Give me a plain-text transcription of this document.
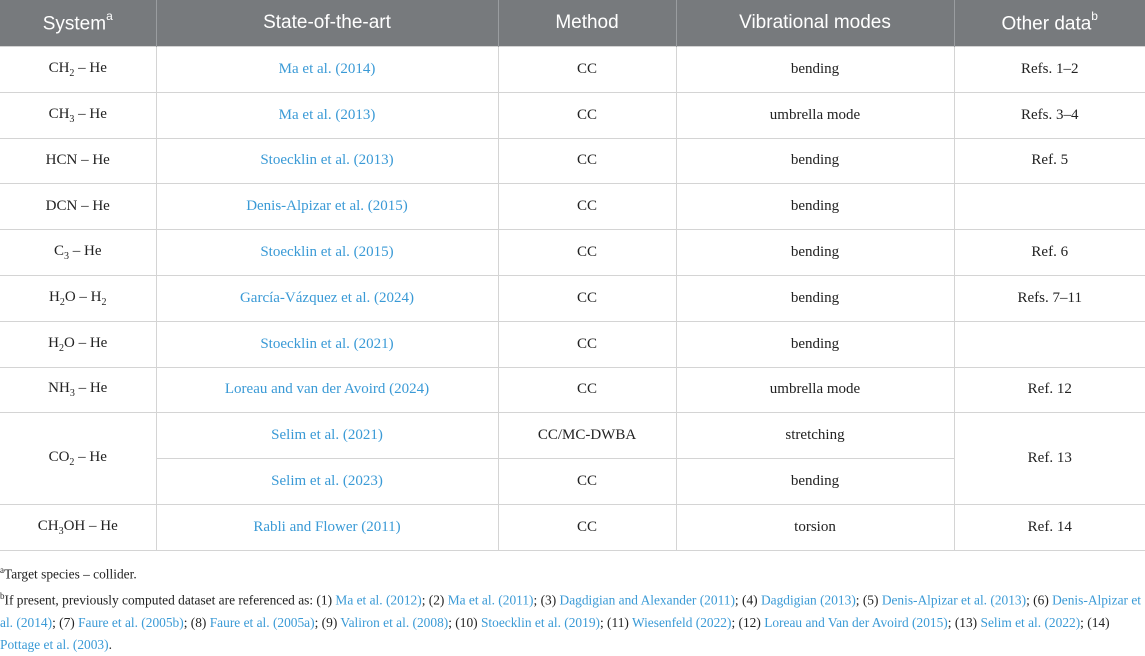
System$^a$	State-of-the-art	Method	Vibrational modes	Other data$^b$
$CH_2$ – He	Ma et al. (2014)	CC	bending	Refs. 1–2
$CH_3$ – He	Ma et al. (2013)	CC	umbrella mode	Refs. 3–4
HCN – He	Stoecklin et al. (2013)	CC	bending	Ref. 5
DCN – He	Denis-Alpizar et al. (2015)	CC	bending	
$C_3$ – He	Stoecklin et al. (2015)	CC	bending	Ref. 6
$H_2O - H_2$	García-Vázquez et al. (2024)	CC	bending	Refs. 7–11
$H_2O$ – He	Stoecklin et al. (2021)	CC	bending	
$NH_3$ – He	Loreau and van der Avoird (2024)	CC	umbrella mode	Ref. 12
$CO_2$ – He	Selim et al. (2021)	CC/MC-DWBA	stretching	Ref. 13
	Selim et al. (2023)	CC	bending	
$CH_3OH$ – He	Rabli and Flower (2011)	CC	torsion	Ref. 14

$^a$Target species – collider.

$^b$If present, previously computed dataset are referenced as: (1) Ma et al. (2012); (2) Ma et al. (2011); (3) Dagdigian and Alexander (2011); (4) Dagdigian (2013); (5) Denis-Alpizar et al. (2013); (6) Denis-Alpizar et al. (2014); (7) Faure et al. (2005b); (8) Faure et al. (2005a); (9) Valiron et al. (2008); (10) Stoecklin et al. (2019); (11) Wiesenfeld (2022); (12) Loreau and Van der Avoird (2015); (13) Selim et al. (2022); (14) Pottage et al. (2003).
